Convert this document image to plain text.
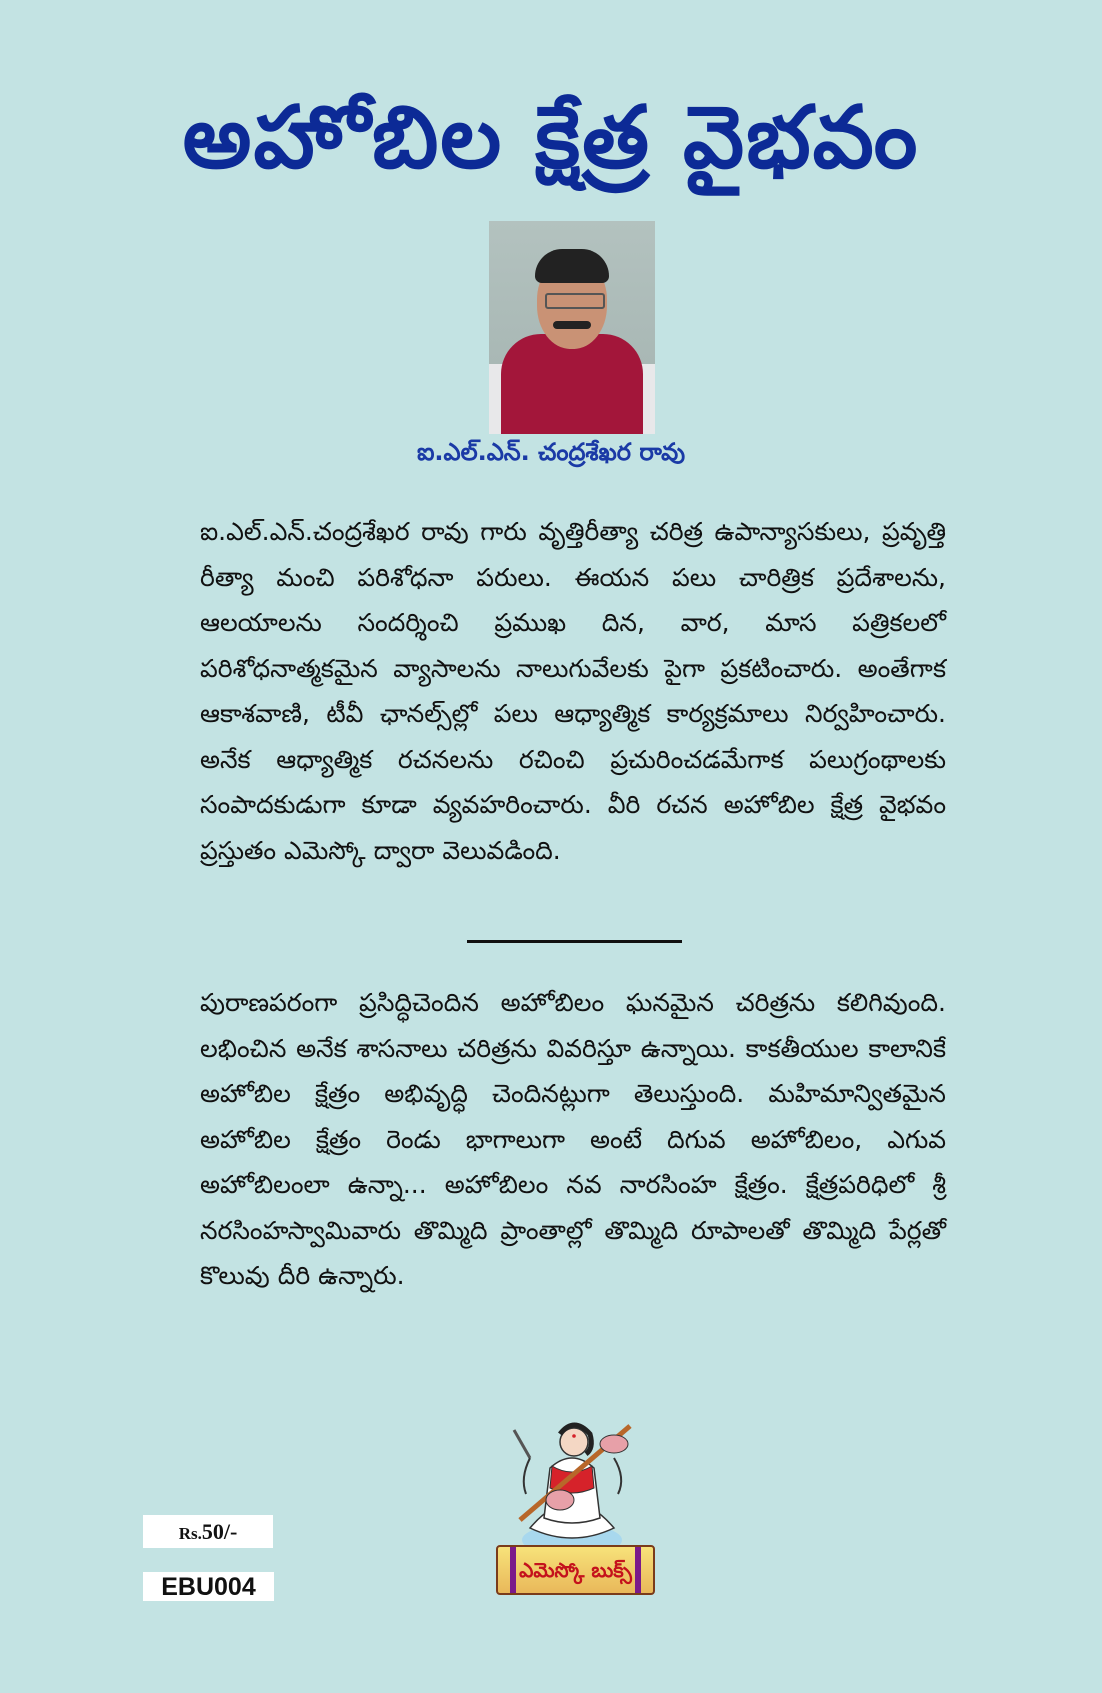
అహోబిల క్షేత్ర వైభవం
ఐ.ఎల్.ఎన్. చంద్రశేఖర రావు
ఐ.ఎల్.ఎన్.చంద్రశేఖర రావు గారు వృత్తిరీత్యా చరిత్ర ఉపాన్యాసకులు, ప్రవృత్తి రీత్యా మంచి పరిశోధనా పరులు. ఈయన పలు చారిత్రిక ప్రదేశాలను, ఆలయాలను సందర్శించి ప్రముఖ దిన, వార, మాస పత్రికలలో పరిశోధనాత్మకమైన వ్యాసాలను నాలుగువేలకు పైగా ప్రకటించారు. అంతేగాక ఆకాశవాణి, టీవీ ఛానల్స్‌ల్లో పలు ఆధ్యాత్మిక కార్యక్రమాలు నిర్వహించారు. అనేక ఆధ్యాత్మిక రచనలను రచించి ప్రచురించడమేగాక పలుగ్రంథాలకు సంపాదకుడుగా కూడా వ్యవహరించారు. వీరి రచన అహోబిల క్షేత్ర వైభవం ప్రస్తుతం ఎమెస్కో ద్వారా వెలువడింది.
పురాణపరంగా ప్రసిద్ధిచెందిన అహోబిలం ఘనమైన చరిత్రను కలిగివుంది. లభించిన అనేక శాసనాలు చరిత్రను వివరిస్తూ ఉన్నాయి. కాకతీయుల కాలానికే అహోబిల క్షేత్రం అభివృద్ధి చెందినట్లుగా తెలుస్తుంది. మహిమాన్వితమైన అహోబిల క్షేత్రం రెండు భాగాలుగా అంటే దిగువ అహోబిలం, ఎగువ అహోబిలంలా ఉన్నా... అహోబిలం నవ నారసింహ క్షేత్రం. క్షేత్రపరిధిలో శ్రీ నరసింహస్వామివారు తొమ్మిది ప్రాంతాల్లో తొమ్మిది రూపాలతో తొమ్మిది పేర్లతో కొలువు దీరి ఉన్నారు.
Rs.50/-
EBU004
ఎమెస్కో బుక్స్
